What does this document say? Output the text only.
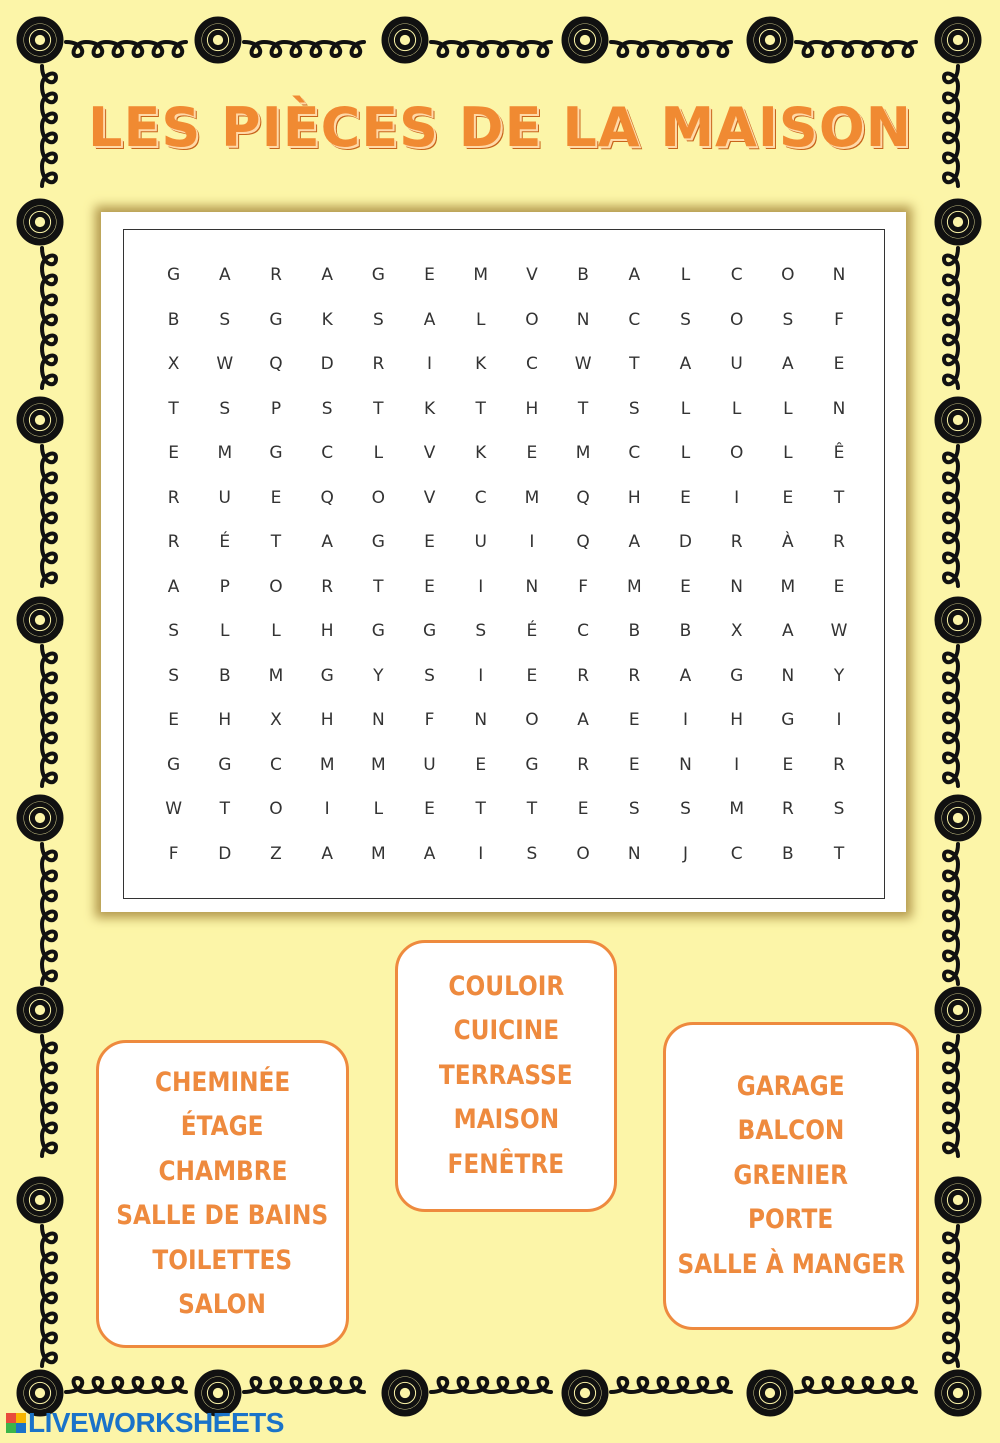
LES PIÈCES DE LA MAISON
G	A	R	A	G	E	M	V	B	A	L	C	O	N
B	S	G	K	S	A	L	O	N	C	S	O	S	F
X	W	Q	D	R	I	K	C	W	T	A	U	A	E
T	S	P	S	T	K	T	H	T	S	L	L	L	N
E	M	G	C	L	V	K	E	M	C	L	O	L	Ê
R	U	E	Q	O	V	C	M	Q	H	E	I	E	T
R	É	T	A	G	E	U	I	Q	A	D	R	À	R
A	P	O	R	T	E	I	N	F	M	E	N	M	E
S	L	L	H	G	G	S	É	C	B	B	X	A	W
S	B	M	G	Y	S	I	E	R	R	A	G	N	Y
E	H	X	H	N	F	N	O	A	E	I	H	G	I
G	G	C	M	M	U	E	G	R	E	N	I	E	R
W	T	O	I	L	E	T	T	E	S	S	M	R	S
F	D	Z	A	M	A	I	S	O	N	J	C	B	T
CHEMINÉE
ÉTAGE
CHAMBRE
SALLE DE BAINS
TOILETTES
SALON
COULOIR
CUICINE
TERRASSE
MAISON
FENÊTRE
GARAGE
BALCON
GRENIER
PORTE
SALLE À MANGER
LIVEWORKSHEETS
